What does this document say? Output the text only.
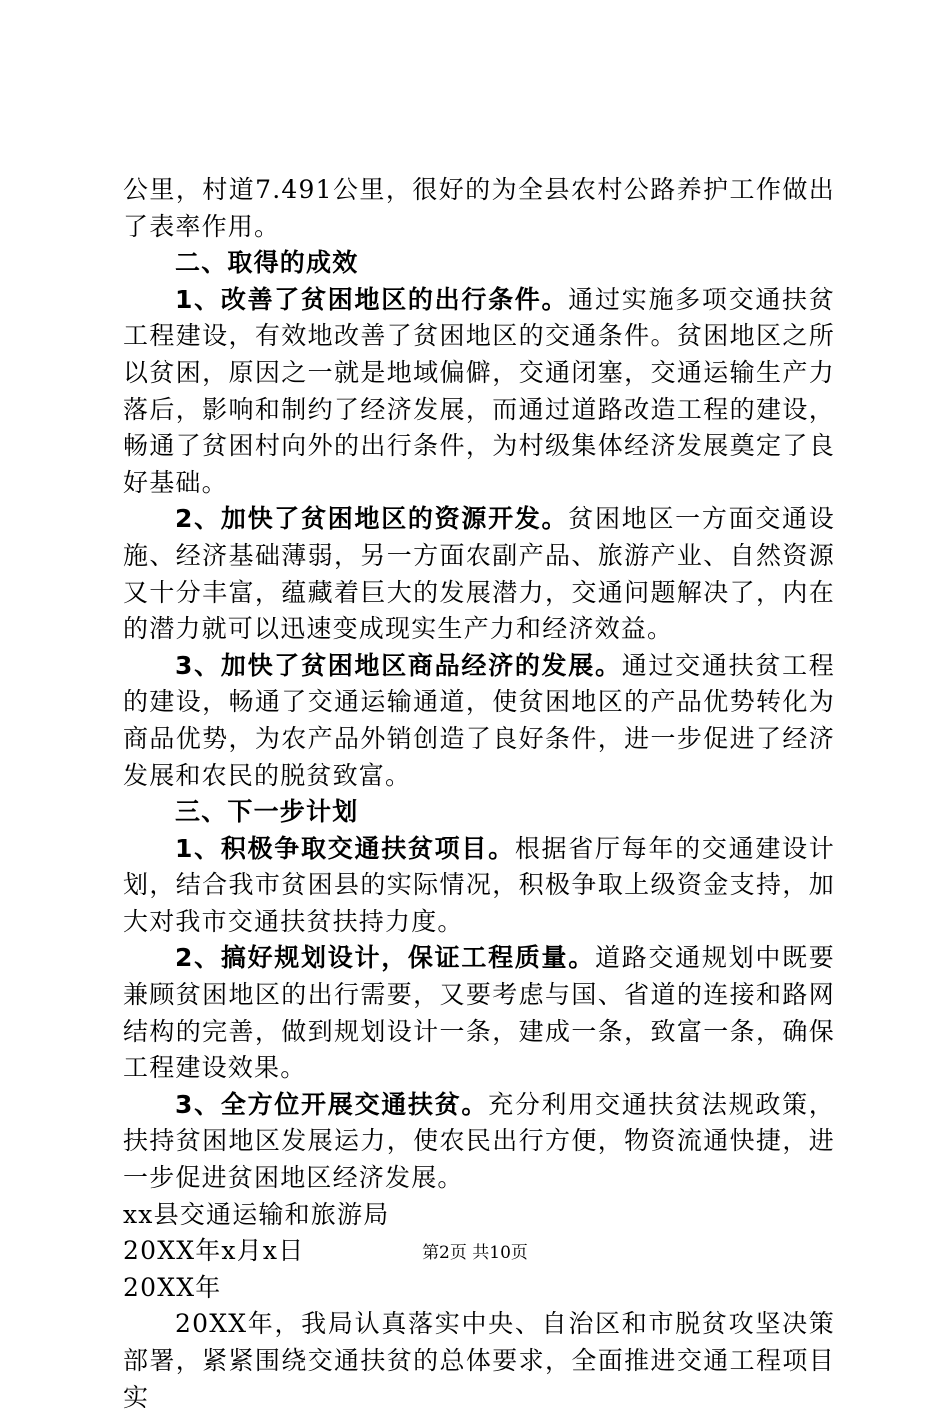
公里，村道7.491公里，很好的为全县农村公路养护工作做出了表率作用。

二、取得的成效

1、改善了贫困地区的出行条件。通过实施多项交通扶贫工程建设，有效地改善了贫困地区的交通条件。贫困地区之所以贫困，原因之一就是地域偏僻，交通闭塞，交通运输生产力落后，影响和制约了经济发展，而通过道路改造工程的建设，畅通了贫困村向外的出行条件，为村级集体经济发展奠定了良好基础。

2、加快了贫困地区的资源开发。贫困地区一方面交通设施、经济基础薄弱，另一方面农副产品、旅游产业、自然资源又十分丰富，蕴藏着巨大的发展潜力，交通问题解决了，内在的潜力就可以迅速变成现实生产力和经济效益。

3、加快了贫困地区商品经济的发展。通过交通扶贫工程的建设，畅通了交通运输通道，使贫困地区的产品优势转化为商品优势，为农产品外销创造了良好条件，进一步促进了经济发展和农民的脱贫致富。

三、下一步计划

1、积极争取交通扶贫项目。根据省厅每年的交通建设计划，结合我市贫困县的实际情况，积极争取上级资金支持，加大对我市交通扶贫扶持力度。

2、搞好规划设计，保证工程质量。道路交通规划中既要兼顾贫困地区的出行需要，又要考虑与国、省道的连接和路网结构的完善，做到规划设计一条，建成一条，致富一条，确保工程建设效果。

3、全方位开展交通扶贫。充分利用交通扶贫法规政策，扶持贫困地区发展运力，使农民出行方便，物资流通快捷，进一步促进贫困地区经济发展。

xx县交通运输和旅游局

20XX年x月x日

20XX年

20XX年，我局认真落实中央、自治区和市脱贫攻坚决策部署，紧紧围绕交通扶贫的总体要求，全面推进交通工程项目实

第2页 共10页
